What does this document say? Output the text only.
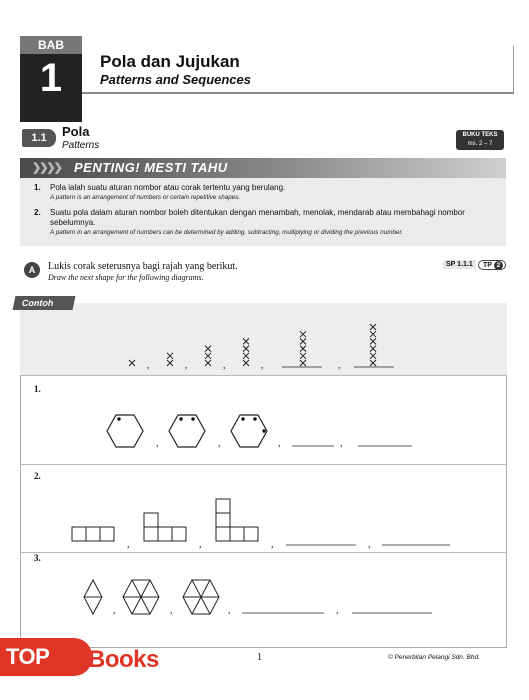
BAB
1	Pola dan Jujukan
Patterns and Sequences
1.1	Pola
Patterns
BUKU TEKS
ms. 2 – 7
❯❯❯❯ PENTING! MESTI TAHU
1. Pola ialah suatu aturan nombor atau corak tertentu yang berulang.
A pattern is an arrangement of numbers or certain repetitive shapes.
2. Suatu pola dalam aturan nombor boleh ditentukan dengan menambah, menolak, mendarab atau membahagi nombor
sebelumnya.
A pattern in an arrangement of numbers can be determined by adding, subtracting, multiplying or dividing the previous number.
A	Lukis corak seterusnya bagi rajah yang berikut.
Draw the next shape for the following diagrams.
SP 1.1.1	TP 2
Contoh
,	,	,	,	,
1.
,	,	,	,
2.
,	,	,	,
3.
,	,	,	,
1	© Penerbitan Pelangi Sdn. Bhd.
TOP	Books
